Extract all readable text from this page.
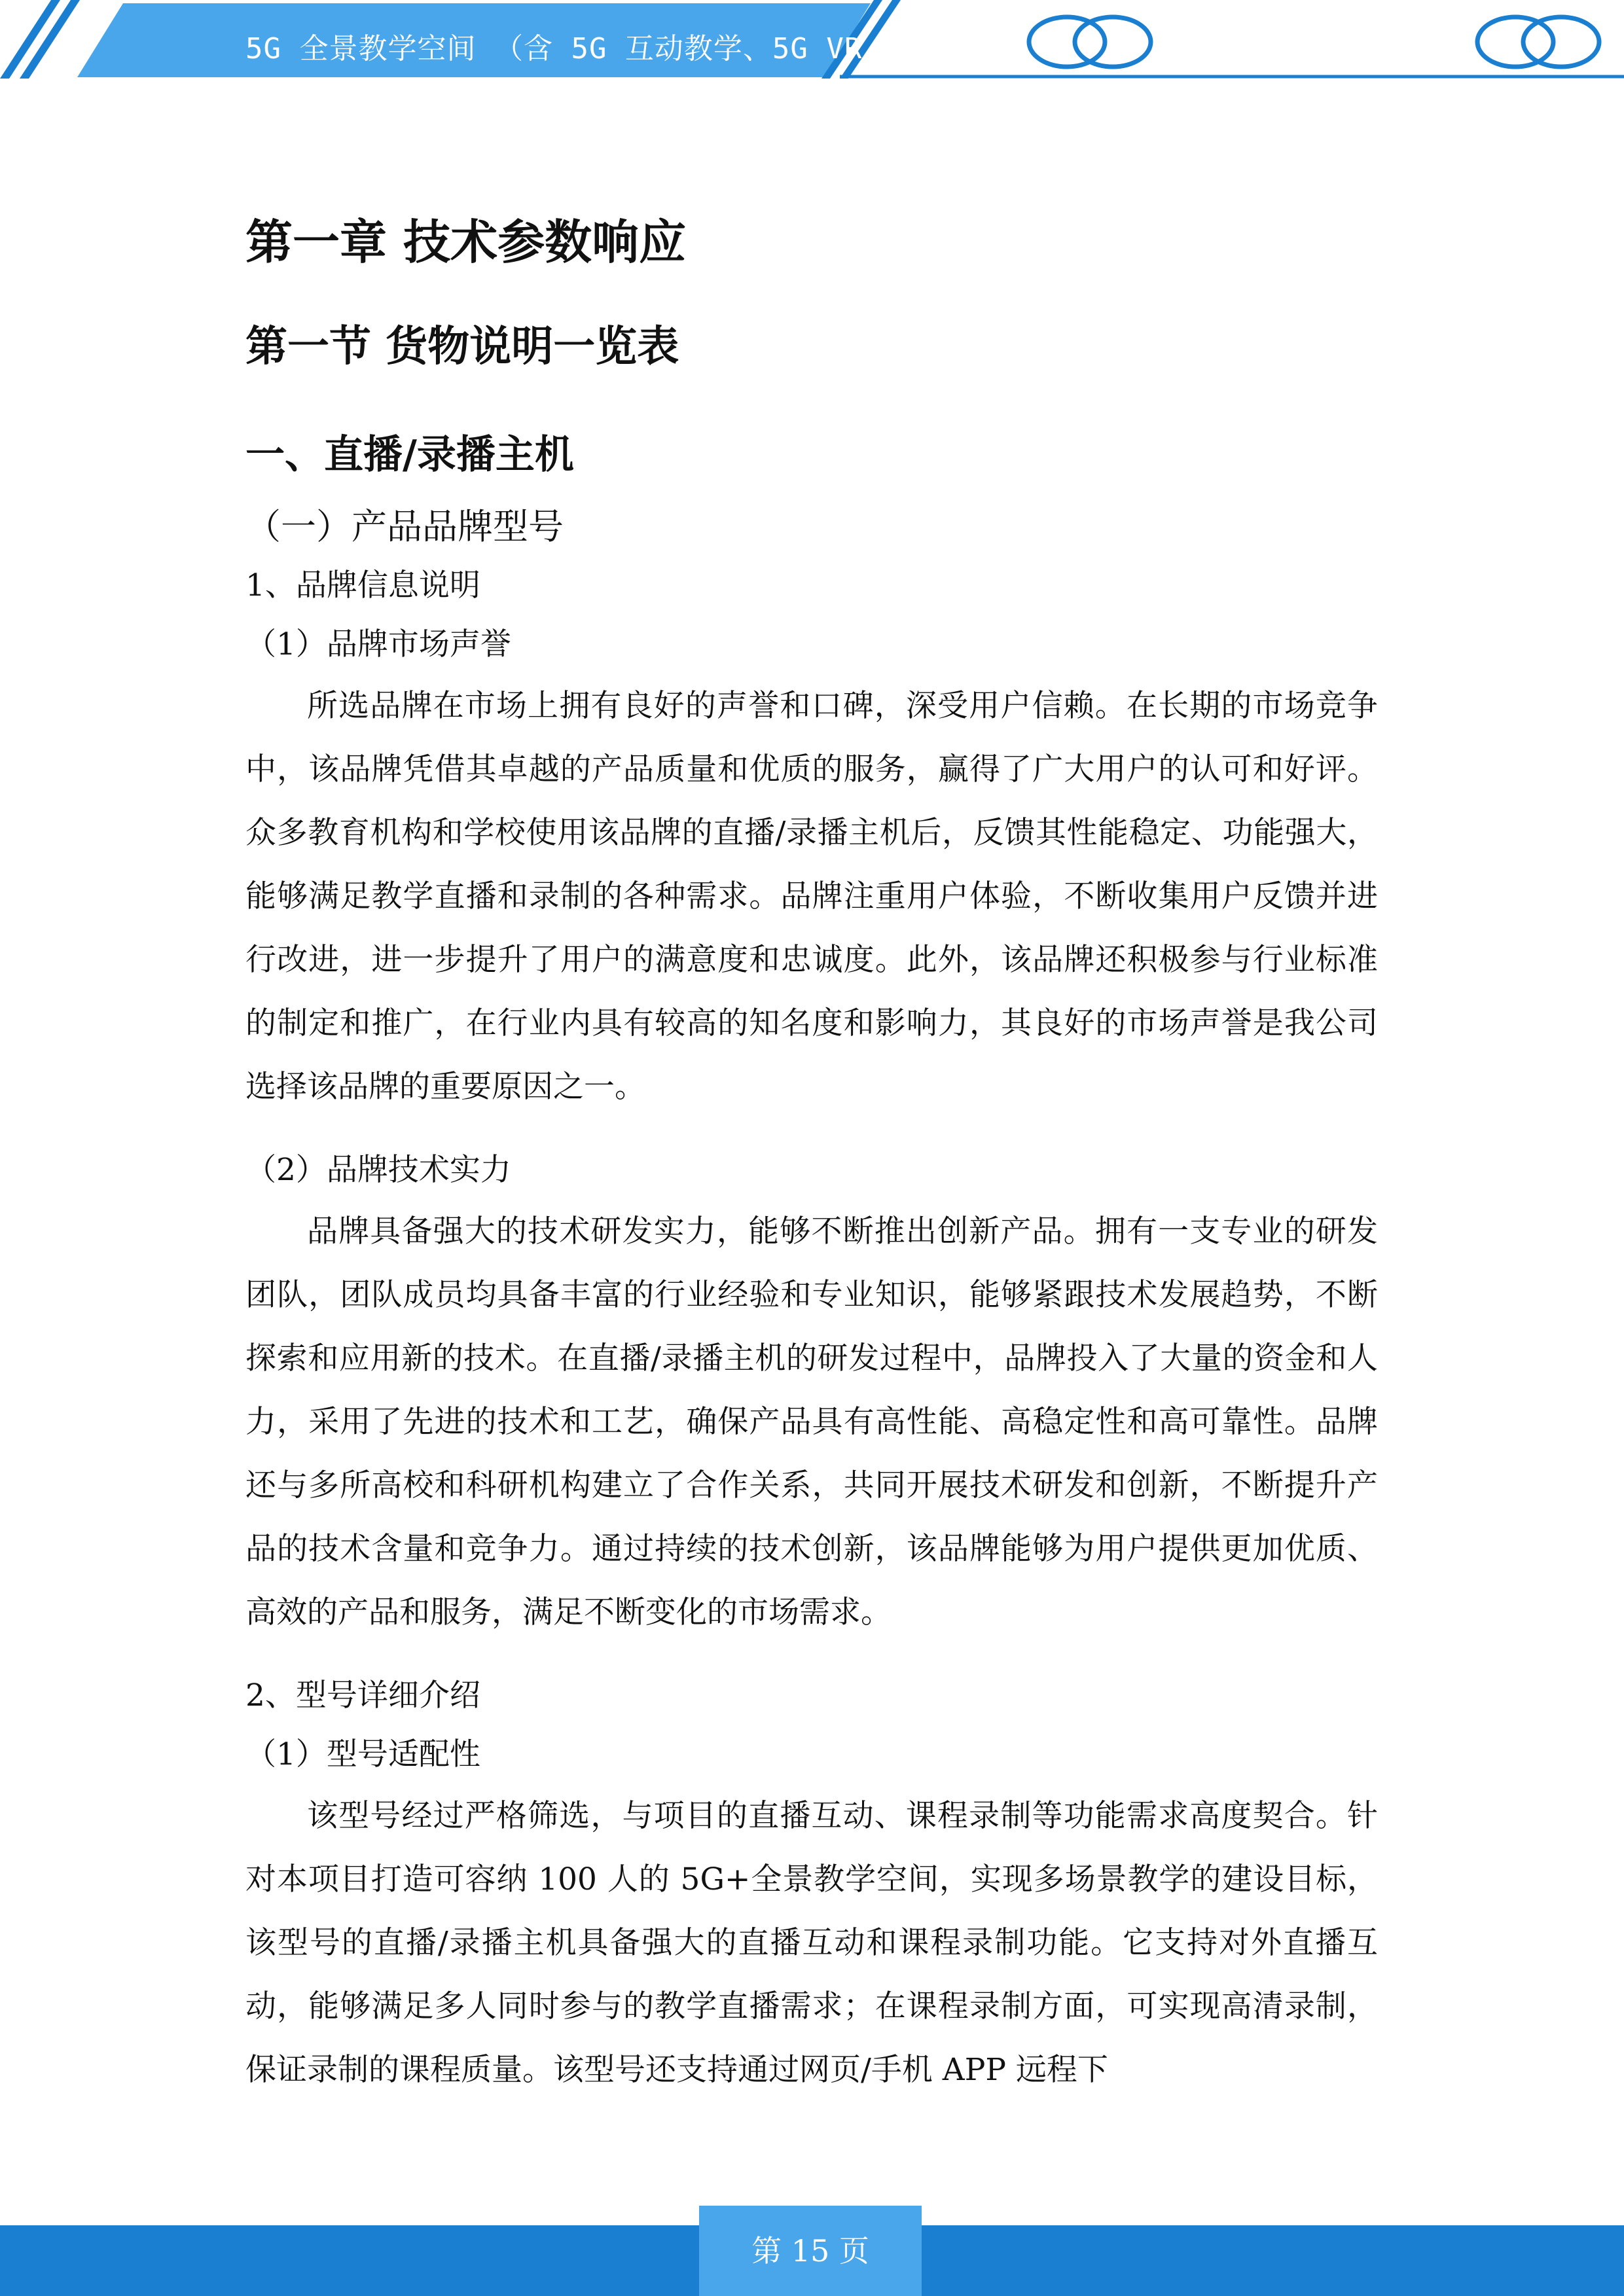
5G 全景教学空间 （含 5G 互动教学、5G VR 教学、5G
第一章 技术参数响应
第一节 货物说明一览表
一、直播/录播主机
（一）产品品牌型号
1、品牌信息说明
（1）品牌市场声誉

所选品牌在市场上拥有良好的声誉和口碑，深受用户信赖。在长期的市场竞争中，该品牌凭借其卓越的产品质量和优质的服务，赢得了广大用户的认可和好评。众多教育机构和学校使用该品牌的直播/录播主机后，反馈其性能稳定、功能强大，能够满足教学直播和录制的各种需求。品牌注重用户体验，不断收集用户反馈并进行改进，进一步提升了用户的满意度和忠诚度。此外，该品牌还积极参与行业标准的制定和推广，在行业内具有较高的知名度和影响力，其良好的市场声誉是我公司选择该品牌的重要原因之一。

（2）品牌技术实力

品牌具备强大的技术研发实力，能够不断推出创新产品。拥有一支专业的研发团队，团队成员均具备丰富的行业经验和专业知识，能够紧跟技术发展趋势，不断探索和应用新的技术。在直播/录播主机的研发过程中，品牌投入了大量的资金和人力，采用了先进的技术和工艺，确保产品具有高性能、高稳定性和高可靠性。品牌还与多所高校和科研机构建立了合作关系，共同开展技术研发和创新，不断提升产品的技术含量和竞争力。通过持续的技术创新，该品牌能够为用户提供更加优质、高效的产品和服务，满足不断变化的市场需求。

2、型号详细介绍
（1）型号适配性

该型号经过严格筛选，与项目的直播互动、课程录制等功能需求高度契合。针对本项目打造可容纳 100 人的 5G+全景教学空间，实现多场景教学的建设目标，该型号的直播/录播主机具备强大的直播互动和课程录制功能。它支持对外直播互动，能够满足多人同时参与的教学直播需求；在课程录制方面，可实现高清录制，保证录制的课程质量。该型号还支持通过网页/手机 APP 远程下

第 15 页
